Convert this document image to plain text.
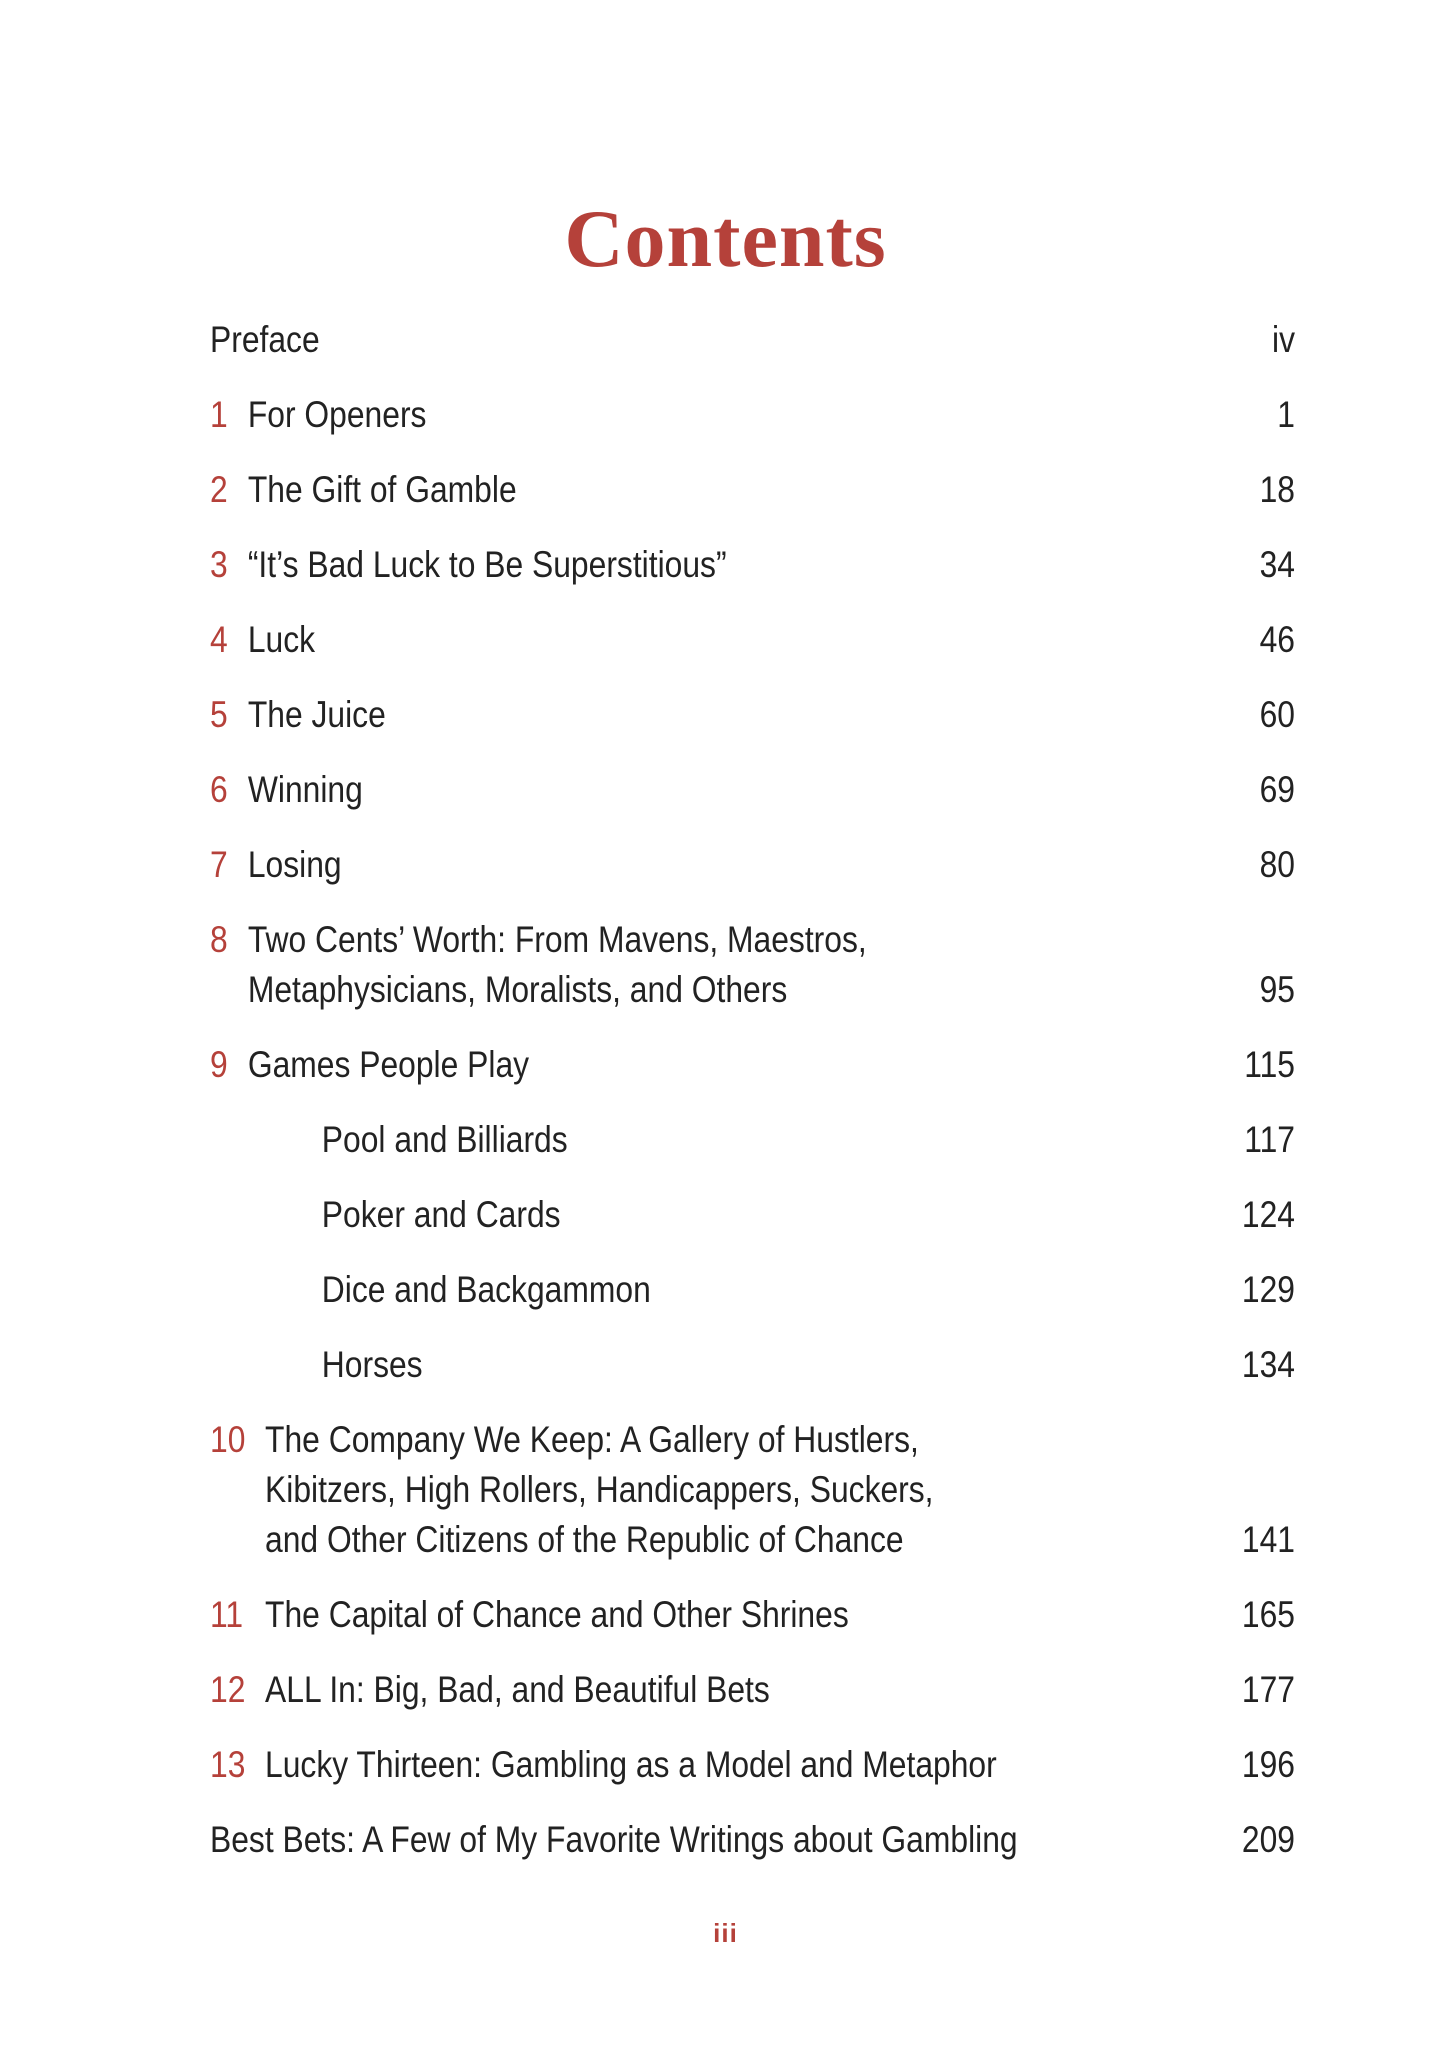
Contents
Preface	iv
1 For Openers	1
2 The Gift of Gamble	18
3 “It’s Bad Luck to Be Superstitious”	34
4 Luck	46
5 The Juice	60
6 Winning	69
7 Losing	80
8 Two Cents’ Worth: From Mavens, Maestros,
Metaphysicians, Moralists, and Others	95
9 Games People Play	115
Pool and Billiards	117
Poker and Cards	124
Dice and Backgammon	129
Horses	134
10 The Company We Keep: A Gallery of Hustlers,
Kibitzers, High Rollers, Handicappers, Suckers,
and Other Citizens of the Republic of Chance	141
11 The Capital of Chance and Other Shrines	165
12 ALL In: Big, Bad, and Beautiful Bets	177
13 Lucky Thirteen: Gambling as a Model and Metaphor	196
Best Bets: A Few of My Favorite Writings about Gambling	209
iii
